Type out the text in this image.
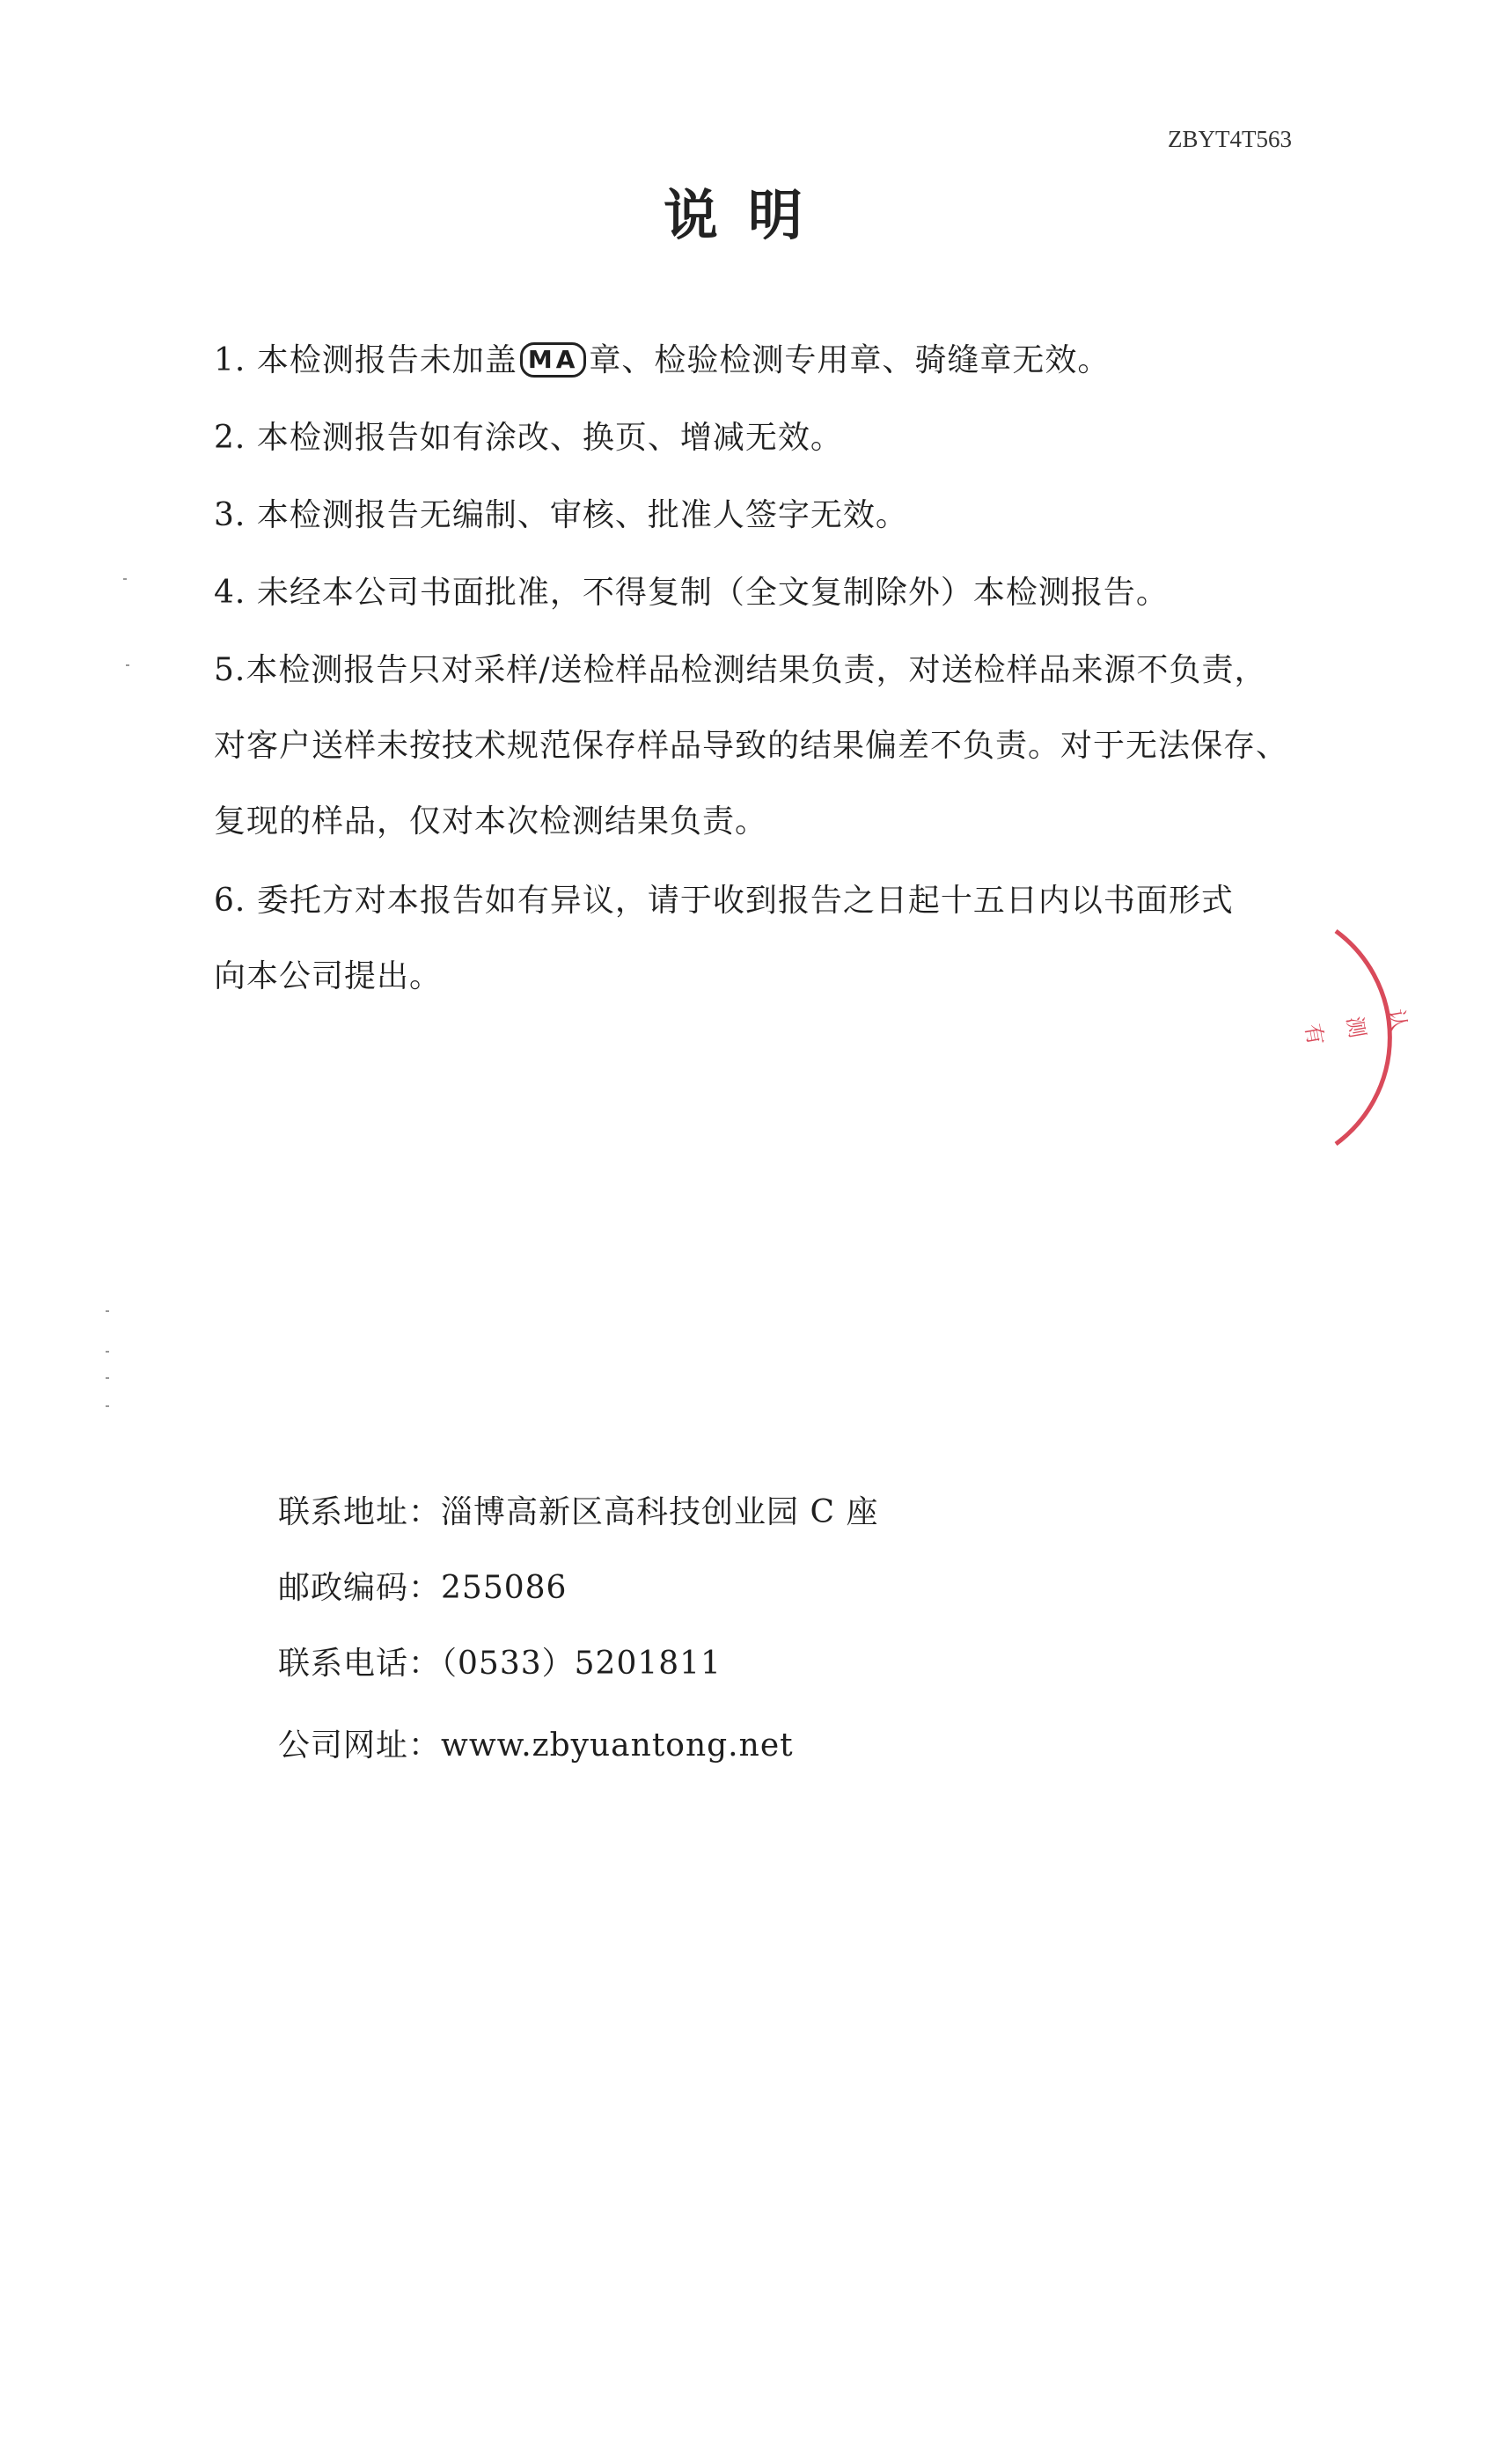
ZBYT4T563
说明
1. 本检测报告未加盖 MA 章、检验检测专用章、骑缝章无效。
2. 本检测报告如有涂改、换页、增减无效。
3. 本检测报告无编制、审核、批准人签字无效。
4. 未经本公司书面批准，不得复制（全文复制除外）本检测报告。
5.本检测报告只对采样/送检样品检测结果负责，对送检样品来源不负责，
对客户送样未按技术规范保存样品导致的结果偏差不负责。对于无法保存、
复现的样品，仅对本次检测结果负责。
6. 委托方对本报告如有异议，请于收到报告之日起十五日内以书面形式
向本公司提出。
认测有
联系地址：淄博高新区高科技创业园 C 座
邮政编码：255086
联系电话：（0533）5201811
公司网址：www.zbyuantong.net
